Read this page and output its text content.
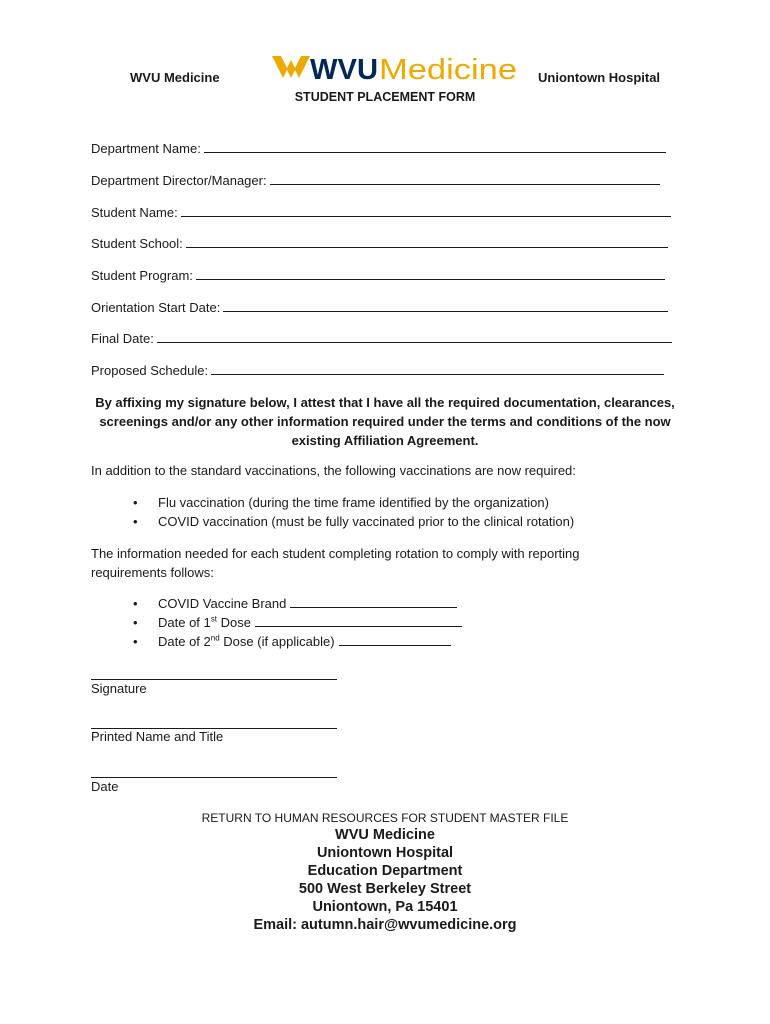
WVU Medicine	WVU Medicine Uniontown Hospital
STUDENT PLACEMENT FORM
Department Name:
Department Director/Manager:
Student Name:
Student School:
Student Program:
Orientation Start Date:
Final Date:
Proposed Schedule:
By affixing my signature below, I attest that I have all the required documentation, clearances, screenings and/or any other information required under the terms and conditions of the now existing Affiliation Agreement.
In addition to the standard vaccinations, the following vaccinations are now required:
• Flu vaccination (during the time frame identified by the organization)
• COVID vaccination (must be fully vaccinated prior to the clinical rotation)
The information needed for each student completing rotation to comply with reporting requirements follows:
• COVID Vaccine Brand
• Date of 1st Dose
• Date of 2nd Dose (if applicable)
Signature
Printed Name and Title
Date
RETURN TO HUMAN RESOURCES FOR STUDENT MASTER FILE
WVU Medicine
Uniontown Hospital
Education Department
500 West Berkeley Street
Uniontown, Pa 15401
Email: autumn.hair@wvumedicine.org
